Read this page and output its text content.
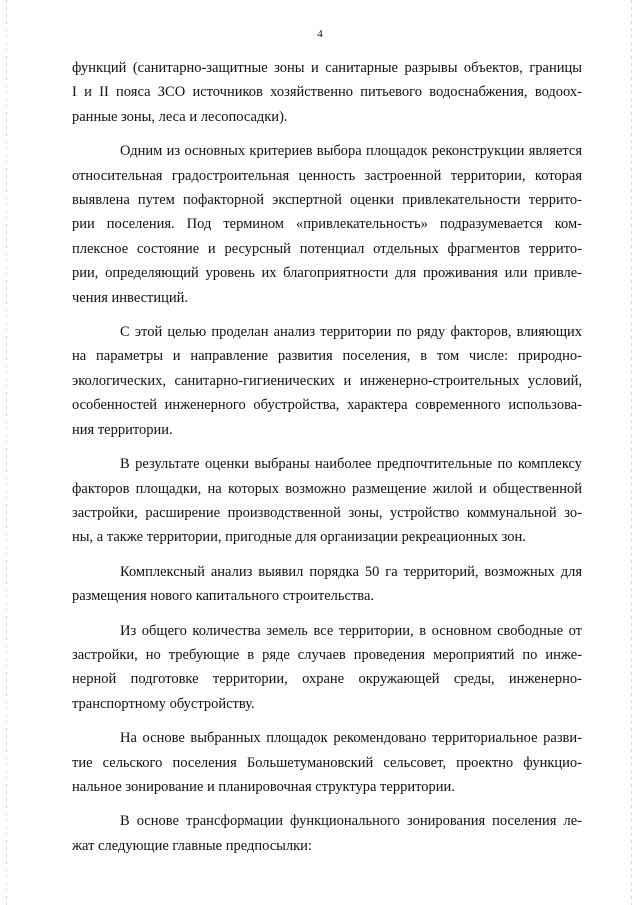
4

функций (санитарно-защитные зоны и санитарные разрывы объектов, границы
I и II пояса ЗСО источников хозяйственно питьевого водоснабжения, водоох-
ранные зоны, леса и лесопосадки).

Одним из основных критериев выбора площадок реконструкции является
относительная градостроительная ценность застроенной территории, которая
выявлена путем пофакторной экспертной оценки привлекательности террито-
рии поселения. Под термином «привлекательность» подразумевается ком-
плексное состояние и ресурсный потенциал отдельных фрагментов террито-
рии, определяющий уровень их благоприятности для проживания или привле-
чения инвестиций.

С этой целью проделан анализ территории по ряду факторов, влияющих
на параметры и направление развития поселения, в том числе: природно-
экологических, санитарно-гигиенических и инженерно-строительных условий,
особенностей инженерного обустройства, характера современного использова-
ния территории.

В результате оценки выбраны наиболее предпочтительные по комплексу
факторов площадки, на которых возможно размещение жилой и общественной
застройки, расширение производственной зоны, устройство коммунальной зо-
ны, а также территории, пригодные для организации рекреационных зон.

Комплексный анализ выявил порядка 50 га территорий, возможных для
размещения нового капитального строительства.

Из общего количества земель все территории, в основном свободные от
застройки, но требующие в ряде случаев проведения мероприятий по инже-
нерной подготовке территории, охране окружающей среды, инженерно-
транспортному обустройству.

На основе выбранных площадок рекомендовано территориальное разви-
тие сельского поселения Большетумановский сельсовет, проектно функцио-
нальное зонирование и планировочная структура территории.

В основе трансформации функционального зонирования поселения ле-
жат следующие главные предпосылки:
